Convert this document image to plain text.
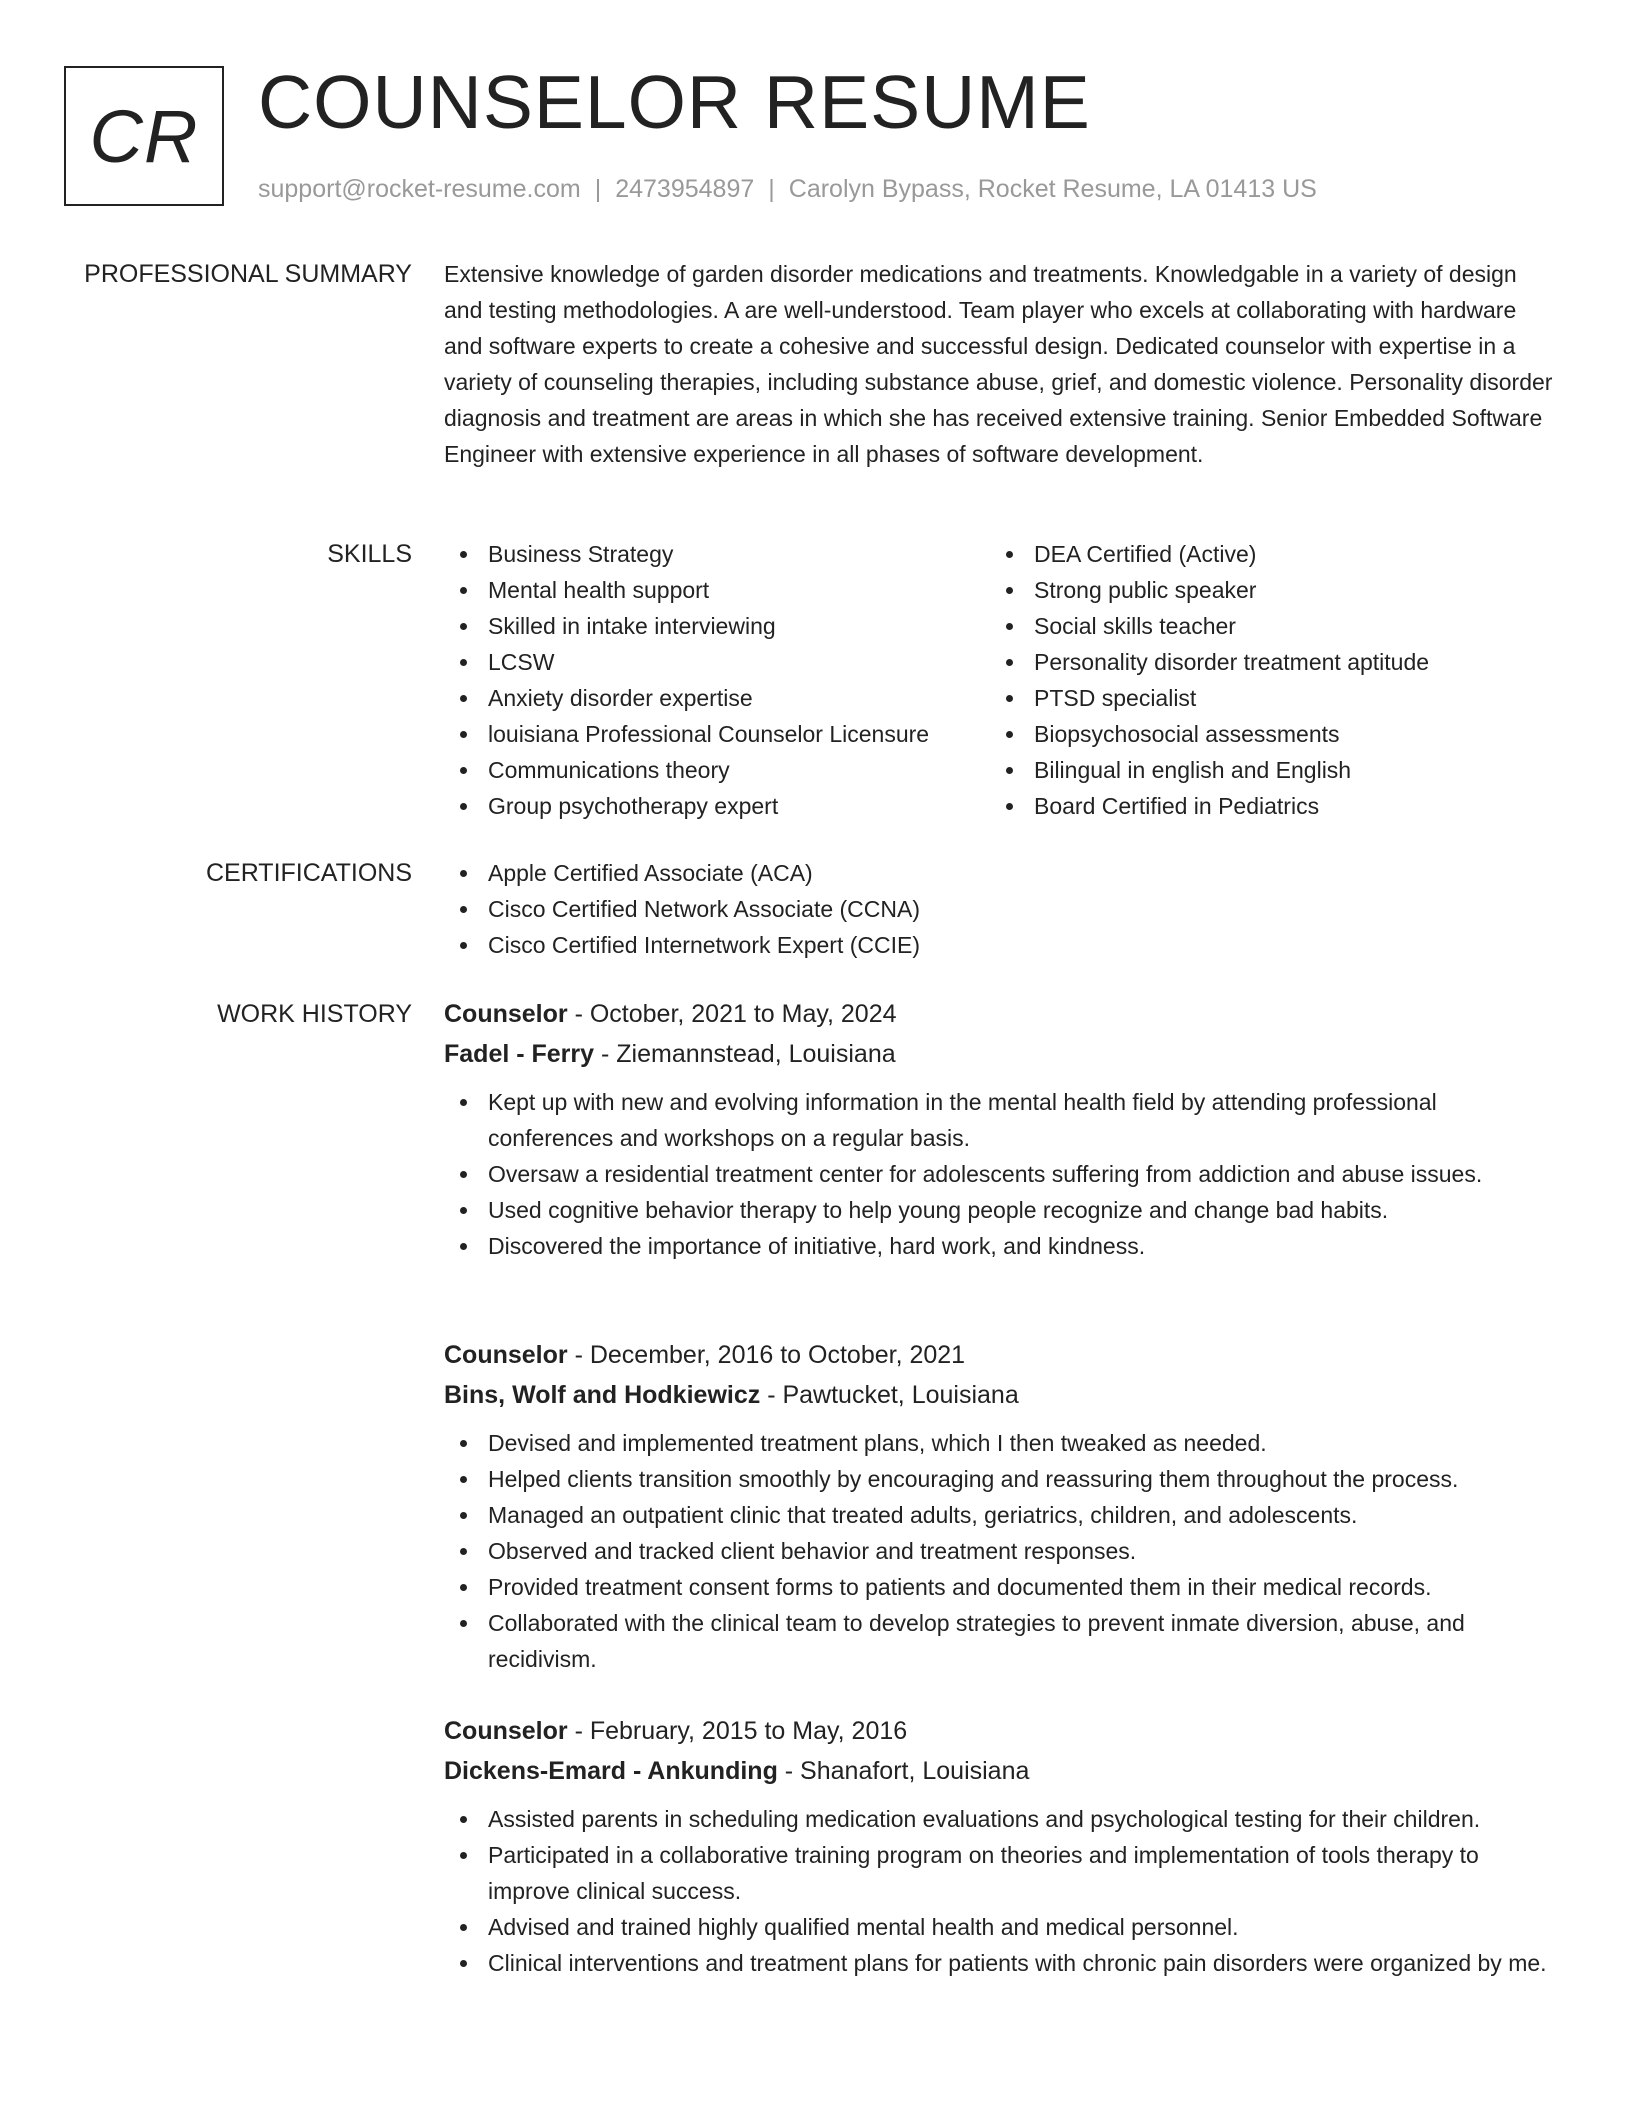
CR COUNSELOR RESUME
support@rocket-resume.com | 2473954897 | Carolyn Bypass, Rocket Resume, LA 01413 US
PROFESSIONAL SUMMARY Extensive knowledge of garden disorder medications and treatments. Knowledgable in a variety of design and testing methodologies. A are well-understood. Team player who excels at collaborating with hardware and software experts to create a cohesive and successful design. Dedicated counselor with expertise in a variety of counseling therapies, including substance abuse, grief, and domestic violence. Personality disorder diagnosis and treatment are areas in which she has received extensive training. Senior Embedded Software Engineer with extensive experience in all phases of software development.

SKILLS	Business Strategy
Mental health support
Skilled in intake interviewing
LCSW
Anxiety disorder expertise
louisiana Professional Counselor Licensure
Communications theory
Group psychotherapy expert
DEA Certified (Active)
Strong public speaker
Social skills teacher
Personality disorder treatment aptitude
PTSD specialist
Biopsychosocial assessments
Bilingual in english and English
Board Certified in Pediatrics
CERTIFICATIONS	Apple Certified Associate (ACA)
Cisco Certified Network Associate (CCNA)
Cisco Certified Internetwork Expert (CCIE)
WORK HISTORY Counselor - October, 2021 to May, 2024
Fadel - Ferry - Ziemannstead, Louisiana
Kept up with new and evolving information in the mental health field by attending professional conferences and workshops on a regular basis.
Oversaw a residential treatment center for adolescents suffering from addiction and abuse issues.
Used cognitive behavior therapy to help young people recognize and change bad habits.
Discovered the importance of initiative, hard work, and kindness.
Counselor - December, 2016 to October, 2021
Bins, Wolf and Hodkiewicz - Pawtucket, Louisiana
Devised and implemented treatment plans, which I then tweaked as needed.
Helped clients transition smoothly by encouraging and reassuring them throughout the process.
Managed an outpatient clinic that treated adults, geriatrics, children, and adolescents.
Observed and tracked client behavior and treatment responses.
Provided treatment consent forms to patients and documented them in their medical records.
Collaborated with the clinical team to develop strategies to prevent inmate diversion, abuse, and recidivism.
Counselor - February, 2015 to May, 2016
Dickens-Emard - Ankunding - Shanafort, Louisiana
Assisted parents in scheduling medication evaluations and psychological testing for their children.
Participated in a collaborative training program on theories and implementation of tools therapy to improve clinical success.
Advised and trained highly qualified mental health and medical personnel.
Clinical interventions and treatment plans for patients with chronic pain disorders were organized by me.
